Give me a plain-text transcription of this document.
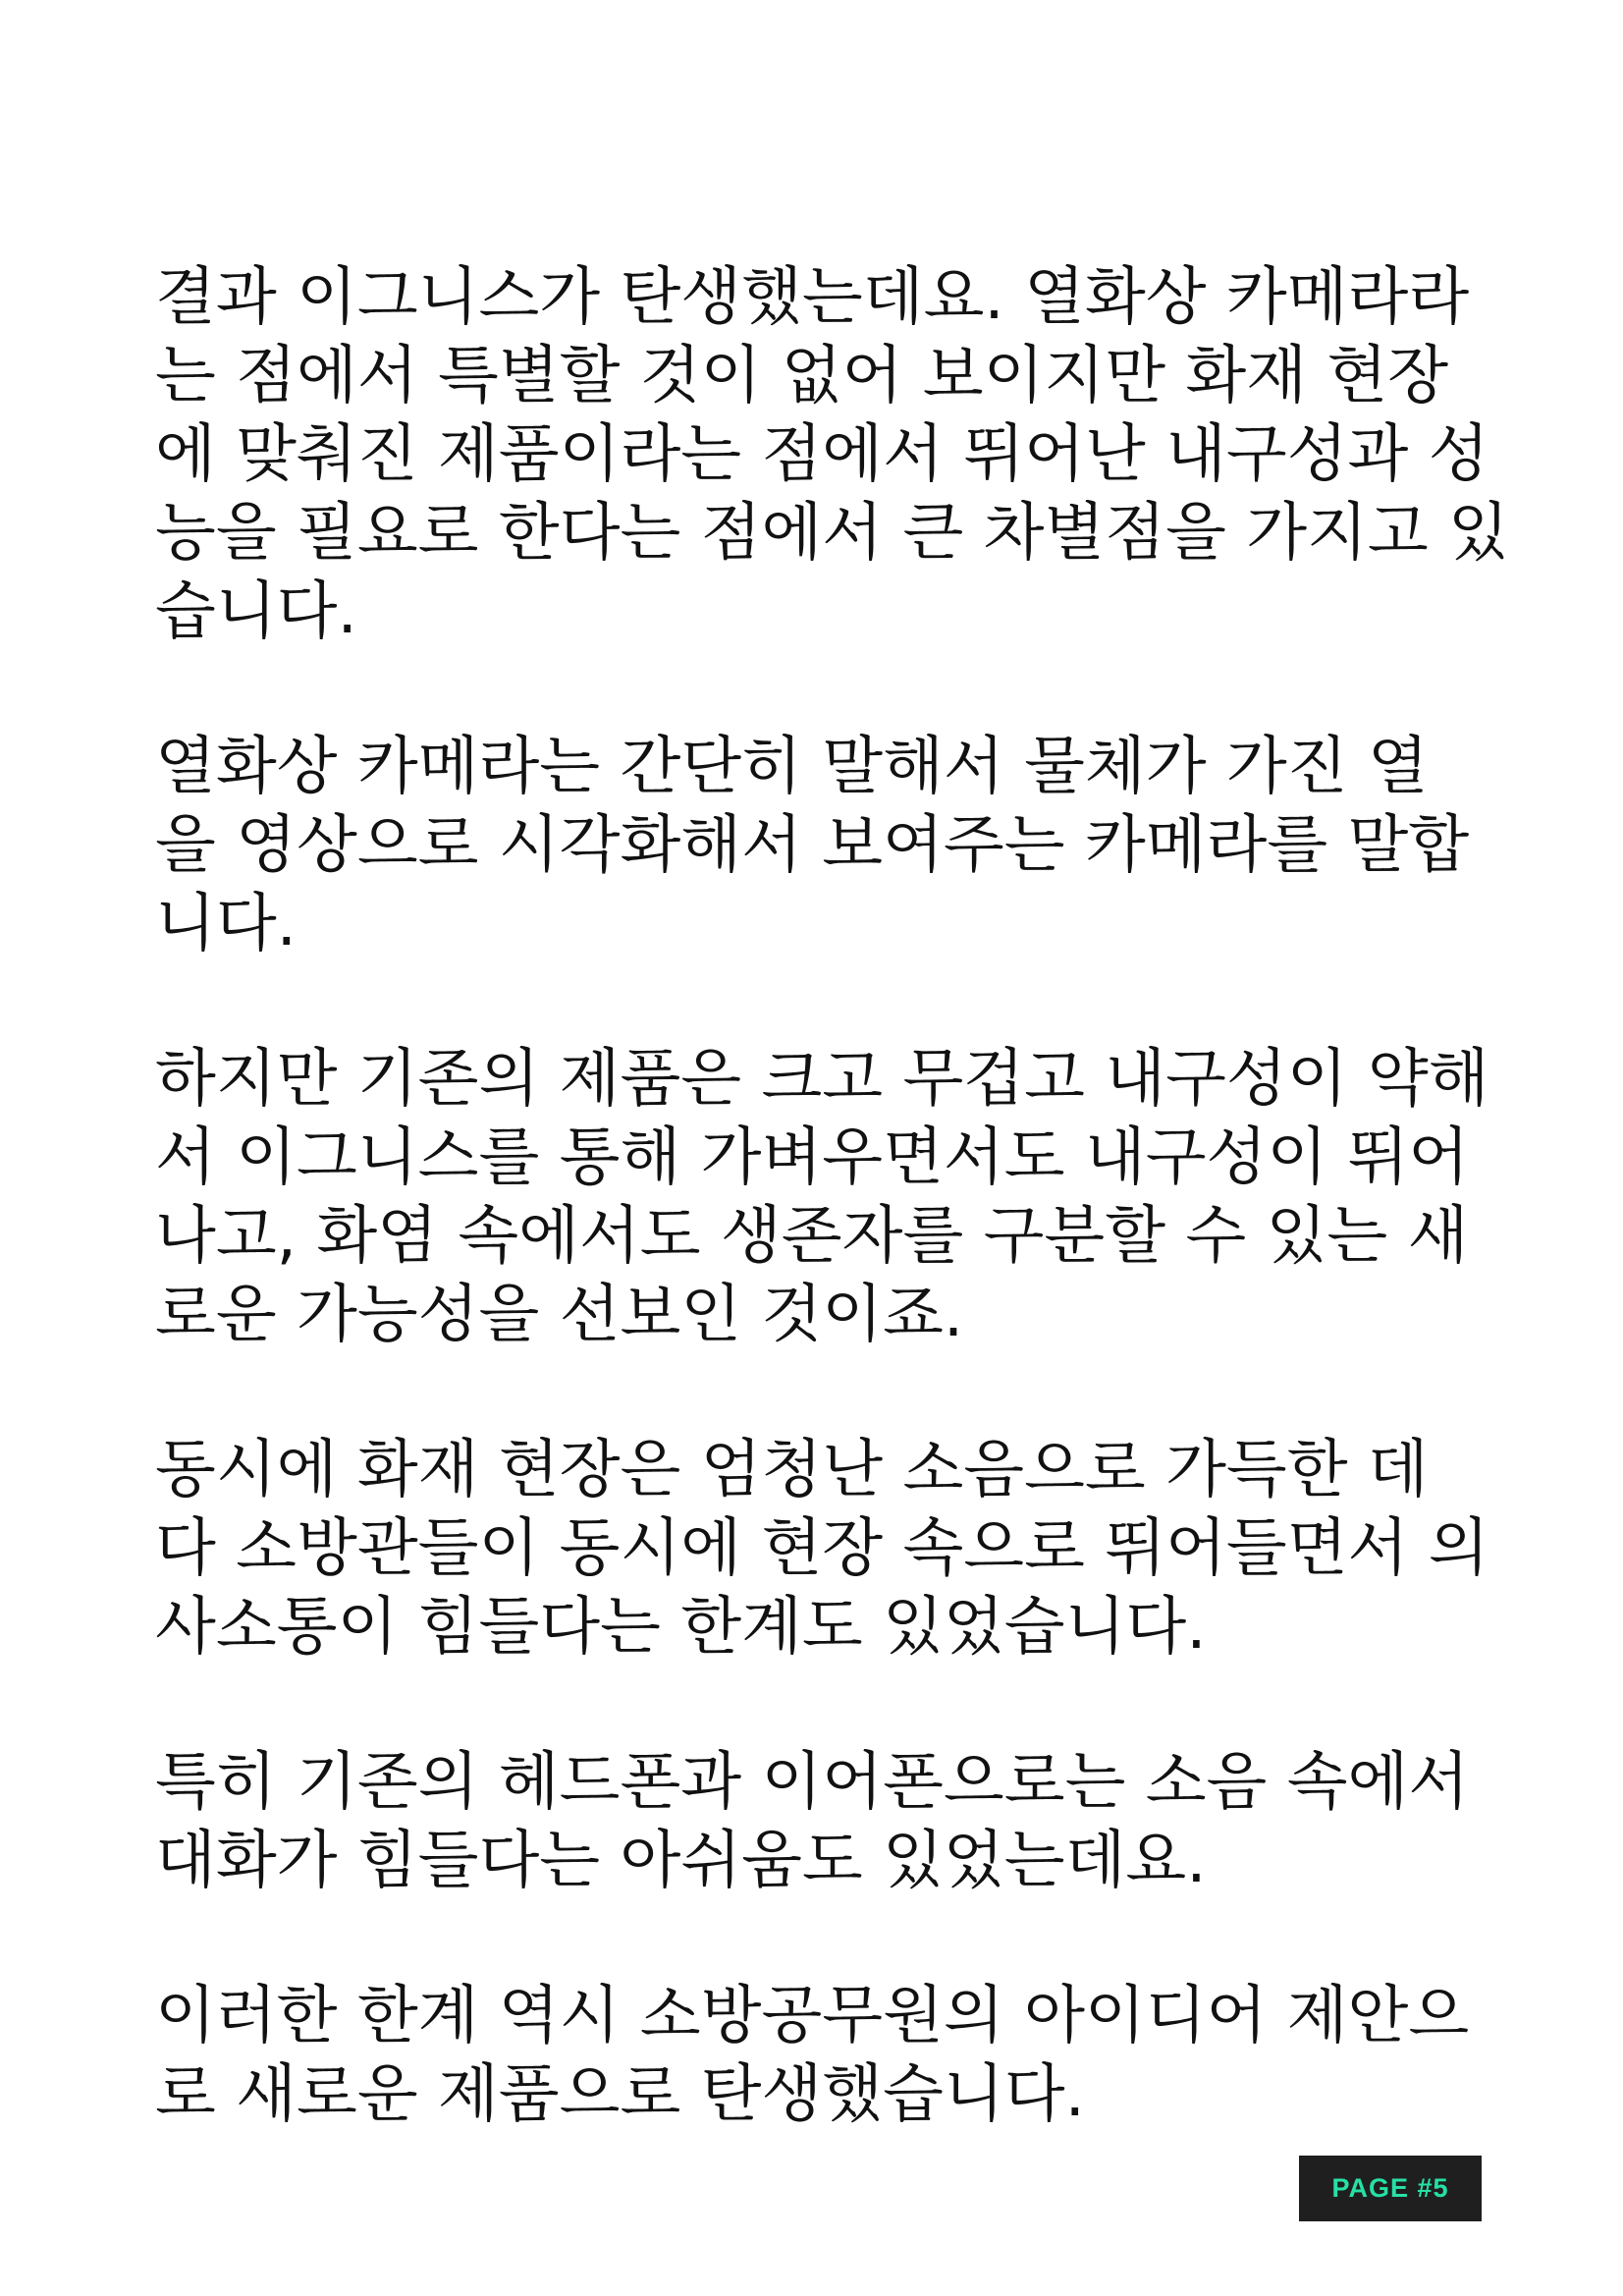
결과 이그니스가 탄생했는데요. 열화상 카메라라
는 점에서 특별할 것이 없어 보이지만 화재 현장
에 맞춰진 제품이라는 점에서 뛰어난 내구성과 성
능을 필요로 한다는 점에서 큰 차별점을 가지고 있
습니다.
열화상 카메라는 간단히 말해서 물체가 가진 열
을 영상으로 시각화해서 보여주는 카메라를 말합
니다.
하지만 기존의 제품은 크고 무겁고 내구성이 약해
서 이그니스를 통해 가벼우면서도 내구성이 뛰어
나고, 화염 속에서도 생존자를 구분할 수 있는 새
로운 가능성을 선보인 것이죠.
동시에 화재 현장은 엄청난 소음으로 가득한 데
다 소방관들이 동시에 현장 속으로 뛰어들면서 의
사소통이 힘들다는 한계도 있었습니다.
특히 기존의 헤드폰과 이어폰으로는 소음 속에서
대화가 힘들다는 아쉬움도 있었는데요.
이러한 한계 역시 소방공무원의 아이디어 제안으
로 새로운 제품으로 탄생했습니다.
PAGE #5
